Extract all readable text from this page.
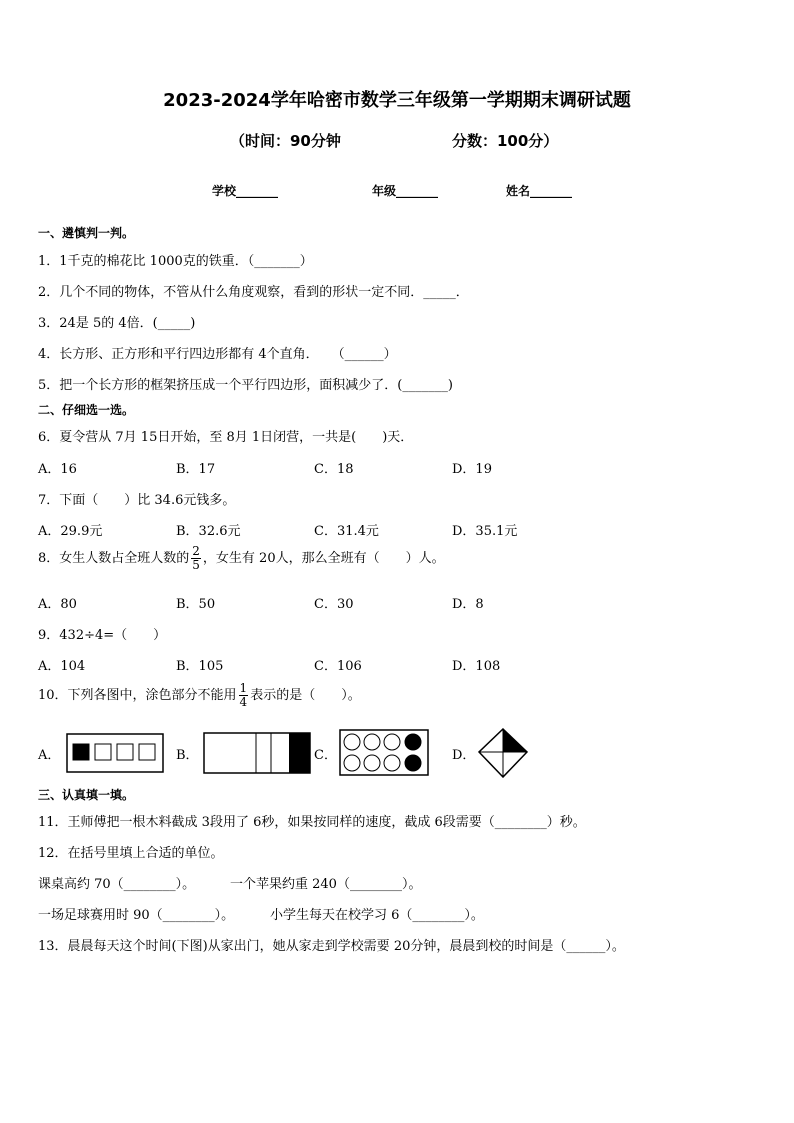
2023-2024学年哈密市数学三年级第一学期期末调研试题
（时间：90分钟	分数：100分）
学校_______	年级_______	姓名_______
一、遴慎判一判。
1．1千克的棉花比 1000克的铁重．（_______）
2．几个不同的物体，不管从什么角度观察，看到的形状一定不同．_____．
3．24是 5的 4倍．(_____)
4．长方形、正方形和平行四边形都有 4个直角．　　（______）
5．把一个长方形的框架挤压成一个平行四边形，面积减少了．(_______)
二、仔细选一选。
6．夏令营从 7月 15日开始，至 8月 1日闭营，一共是(　　)天．
A．16	B．17	C．18	D．19
7．下面（　　）比 34.6元钱多。
A．29.9元	B．32.6元	C．31.4元	D．35.1元
8．女生人数占全班人数的 $\frac{2}{5}$ ，女生有 20人，那么全班有（　　）人。
A．80	B．50	C．30	D．8
9．432÷4=（　　）
A．104	B．105	C．106	D．108
10．下列各图中，涂色部分不能用 $\frac{1}{4}$ 表示的是（　　）。
A．	B．	C．	D．
三、认真填一填。
11．王师傅把一根木料截成 3段用了 6秒，如果按同样的速度，截成 6段需要（________）秒。
12．在括号里填上合适的单位。
课桌高约 70（________）。	一个苹果约重 240（________）。
一场足球赛用时 90（________）。	小学生每天在校学习 6（________）。
13．晨晨每天这个时间(下图)从家出门，她从家走到学校需要 20分钟，晨晨到校的时间是（______）。
